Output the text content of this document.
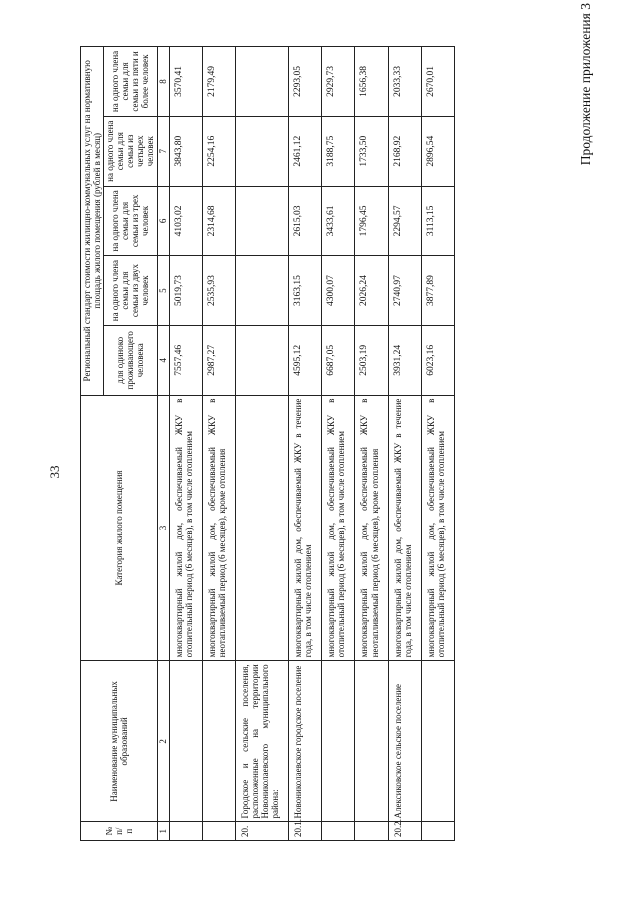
33
Продолжение приложения 3
№ п/п	Наименование муниципальных образований	Категория жилого помещения	Региональный стандарт стоимости жилищно-коммунальных услуг на нормативную площадь жилого помещения (рублей в месяц)				
			для одиноко проживающего человека	на одного члена семьи для семьи из двух человек	на одного члена семьи для семьи из трех человек	на одного члена семьи для семьи из четырех человек	на одного члена семьи для семьи из пяти и более человек
1	2	3	4	5	6	7	8
		многоквартирный жилой дом, обеспечиваемый ЖКУ в отопительный период (6 месяцев), в том числе отоплением	7557,46	5019,73	4103,02	3843,80	3570,41
		многоквартирный жилой дом, обеспечиваемый ЖКУ в неотапливаемый период (6 месяцев), кроме отопления	2987,27	2535,93	2314,68	2254,16	2179,49
20.	Городское и сельские поселения, расположенные на территории Новониколаевского муниципального района:						
20.1.	Новониколаевское городское поселение	многоквартирный жилой дом, обеспечиваемый ЖКУ в течение года, в том числе отоплением	4595,12	3163,15	2615,03	2461,12	2293,05
		многоквартирный жилой дом, обеспечиваемый ЖКУ в отопительный период (6 месяцев), в том числе отоплением	6687,05	4300,07	3433,61	3188,75	2929,73
		многоквартирный жилой дом, обеспечиваемый ЖКУ в неотапливаемый период (6 месяцев), кроме отопления	2503,19	2026,24	1796,45	1733,50	1656,38
20.2.	Алексиковское сельское поселение	многоквартирный жилой дом, обеспечиваемый ЖКУ в течение года, в том числе отоплением	3931,24	2740,97	2294,57	2168,92	2033,33
		многоквартирный жилой дом, обеспечиваемый ЖКУ в отопительный период (6 месяцев), в том числе отоплением	6023,16	3877,89	3113,15	2896,54	2670,01
